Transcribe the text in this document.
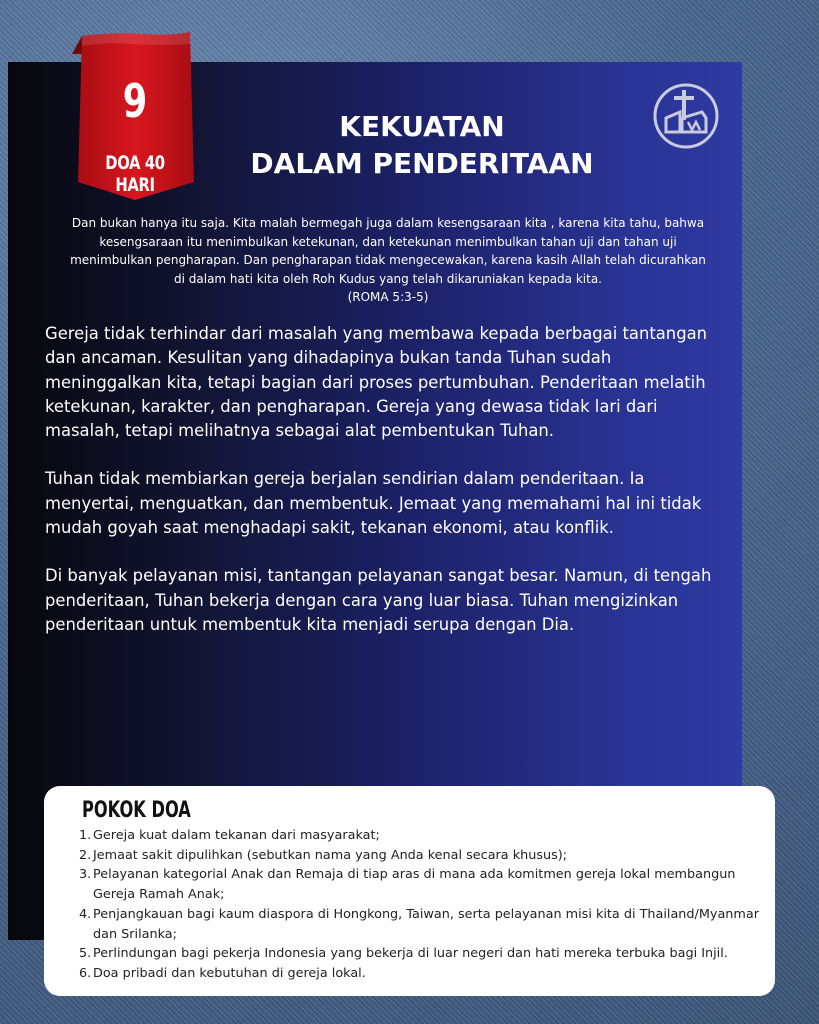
9
DOA 40 HARI
KEKUATAN
DALAM PENDERITAAN
Dan bukan hanya itu saja. Kita malah bermegah juga dalam kesengsaraan kita , karena kita tahu, bahwa
kesengsaraan itu menimbulkan ketekunan, dan ketekunan menimbulkan tahan uji dan tahan uji
menimbulkan pengharapan. Dan pengharapan tidak mengecewakan, karena kasih Allah telah dicurahkan
di dalam hati kita oleh Roh Kudus yang telah dikaruniakan kepada kita.
(ROMA 5:3-5)

Gereja tidak terhindar dari masalah yang membawa kepada berbagai tantangan dan ancaman. Kesulitan yang dihadapinya bukan tanda Tuhan sudah meninggalkan kita, tetapi bagian dari proses pertumbuhan. Penderitaan melatih ketekunan, karakter, dan pengharapan. Gereja yang dewasa tidak lari dari masalah, tetapi melihatnya sebagai alat pembentukan Tuhan.

Tuhan tidak membiarkan gereja berjalan sendirian dalam penderitaan. Ia menyertai, menguatkan, dan membentuk. Jemaat yang memahami hal ini tidak mudah goyah saat menghadapi sakit, tekanan ekonomi, atau konflik.

Di banyak pelayanan misi, tantangan pelayanan sangat besar. Namun, di tengah penderitaan, Tuhan bekerja dengan cara yang luar biasa. Tuhan mengizinkan penderitaan untuk membentuk kita menjadi serupa dengan Dia.

POKOK DOA
1. Gereja kuat dalam tekanan dari masyarakat;
2. Jemaat sakit dipulihkan (sebutkan nama yang Anda kenal secara khusus);
3. Pelayanan kategorial Anak dan Remaja di tiap aras di mana ada komitmen gereja lokal membangun Gereja Ramah Anak;
4. Penjangkauan bagi kaum diaspora di Hongkong, Taiwan, serta pelayanan misi kita di Thailand/Myanmar dan Srilanka;
5. Perlindungan bagi pekerja Indonesia yang bekerja di luar negeri dan hati mereka terbuka bagi Injil.
6. Doa pribadi dan kebutuhan di gereja lokal.
